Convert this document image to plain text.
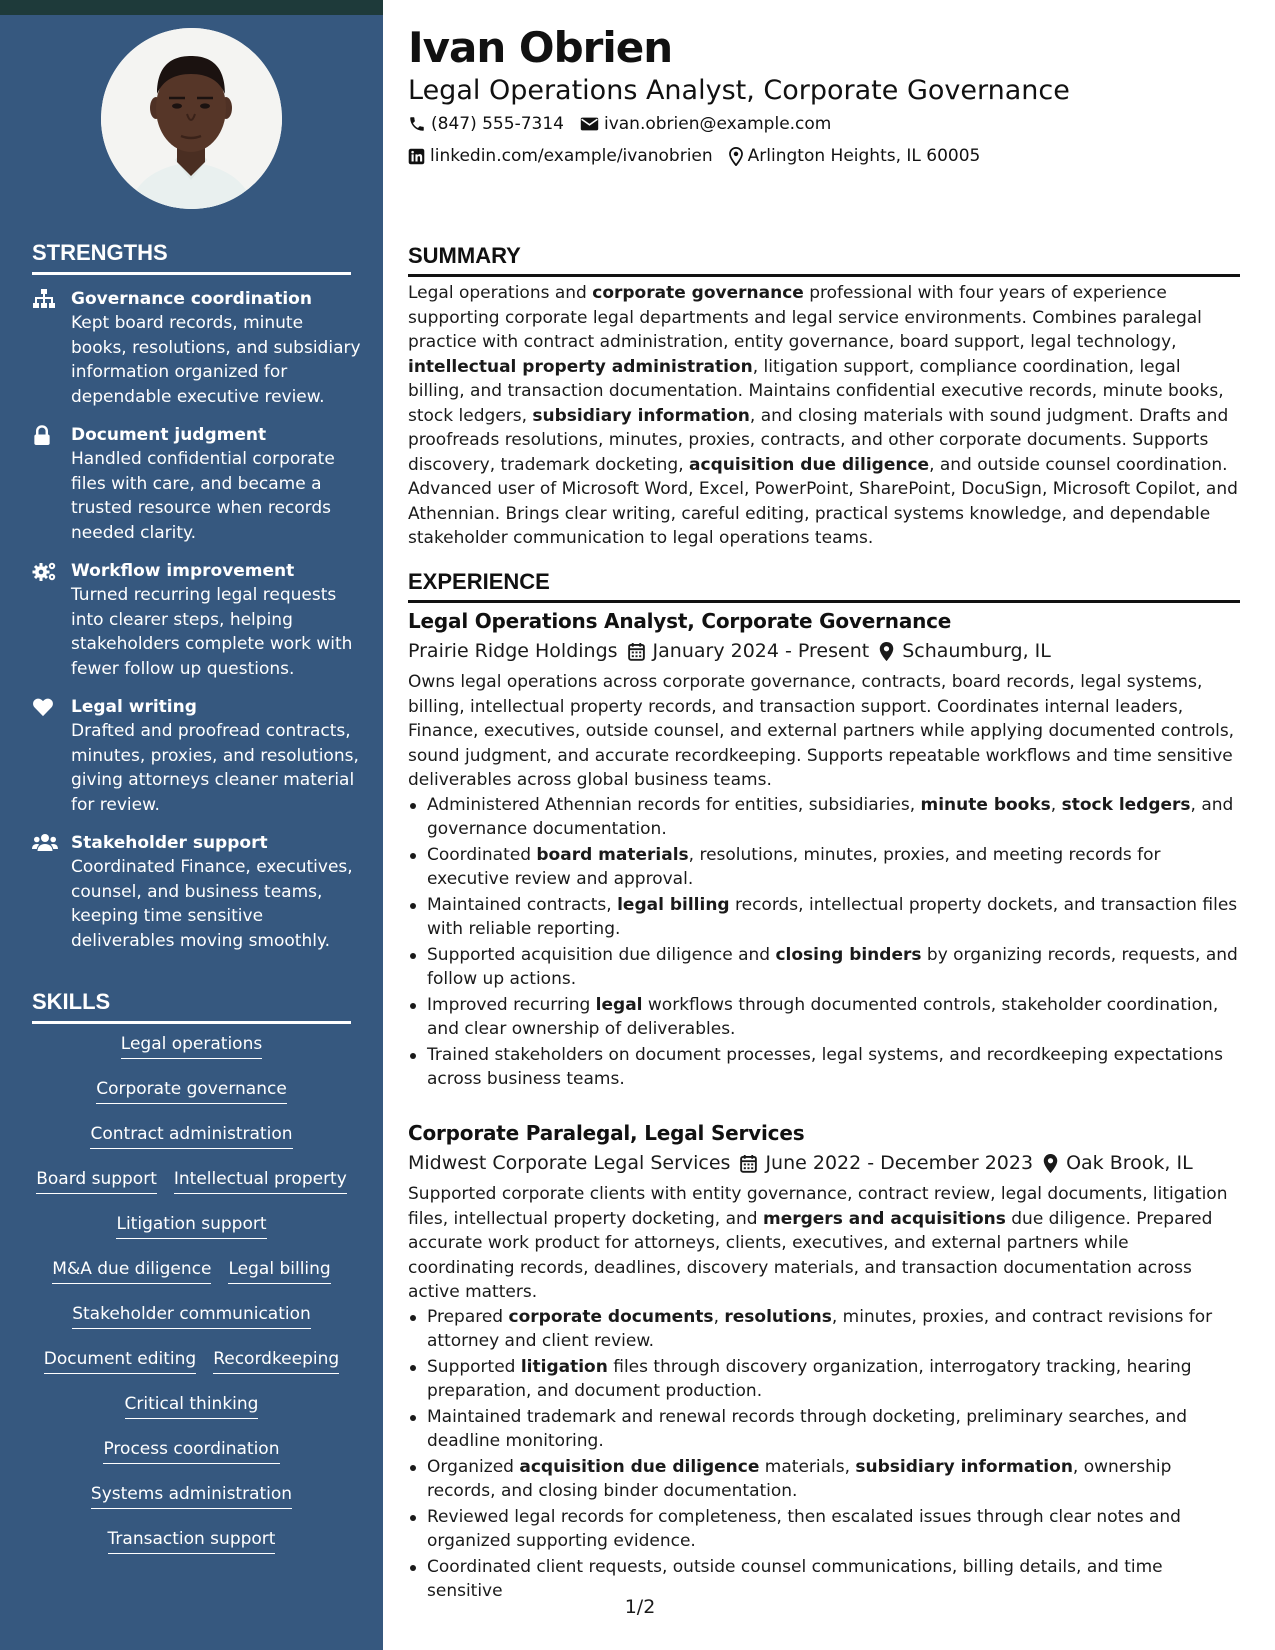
STRENGTHS
Governance coordination
Kept board records, minute books, resolutions, and subsidiary information organized for dependable executive review.
Document judgment
Handled confidential corporate files with care, and became a trusted resource when records needed clarity.
Workflow improvement
Turned recurring legal requests into clearer steps, helping stakeholders complete work with fewer follow up questions.
Legal writing
Drafted and proofread contracts, minutes, proxies, and resolutions, giving attorneys cleaner material for review.
Stakeholder support
Coordinated Finance, executives, counsel, and business teams, keeping time sensitive deliverables moving smoothly.
SKILLS
Legal operations
Corporate governance
Contract administration
Board support Intellectual property
Litigation support
M&A due diligence Legal billing
Stakeholder communication
Document editing Recordkeeping
Critical thinking
Process coordination
Systems administration
Transaction support
Ivan Obrien
Legal Operations Analyst, Corporate Governance
(847) 555-7314 ivan.obrien@example.com
linkedin.com/example/ivanobrien Arlington Heights, IL 60005
SUMMARY
Legal operations and corporate governance professional with four years of experience supporting corporate legal departments and legal service environments. Combines paralegal practice with contract administration, entity governance, board support, legal technology, intellectual property administration, litigation support, compliance coordination, legal billing, and transaction documentation. Maintains confidential executive records, minute books, stock ledgers, subsidiary information, and closing materials with sound judgment. Drafts and proofreads resolutions, minutes, proxies, contracts, and other corporate documents. Supports discovery, trademark docketing, acquisition due diligence, and outside counsel coordination. Advanced user of Microsoft Word, Excel, PowerPoint, SharePoint, DocuSign, Microsoft Copilot, and Athennian. Brings clear writing, careful editing, practical systems knowledge, and dependable stakeholder communication to legal operations teams.
EXPERIENCE
Legal Operations Analyst, Corporate Governance
Prairie Ridge Holdings January 2024 - Present Schaumburg, IL
Owns legal operations across corporate governance, contracts, board records, legal systems, billing, intellectual property records, and transaction support. Coordinates internal leaders, Finance, executives, outside counsel, and external partners while applying documented controls, sound judgment, and accurate recordkeeping. Supports repeatable workflows and time sensitive deliverables across global business teams.
Administered Athennian records for entities, subsidiaries, minute books, stock ledgers, and governance documentation.
Coordinated board materials, resolutions, minutes, proxies, and meeting records for executive review and approval.
Maintained contracts, legal billing records, intellectual property dockets, and transaction files with reliable reporting.
Supported acquisition due diligence and closing binders by organizing records, requests, and follow up actions.
Improved recurring legal workflows through documented controls, stakeholder coordination, and clear ownership of deliverables.
Trained stakeholders on document processes, legal systems, and recordkeeping expectations across business teams.
Corporate Paralegal, Legal Services
Midwest Corporate Legal Services June 2022 - December 2023 Oak Brook, IL
Supported corporate clients with entity governance, contract review, legal documents, litigation files, intellectual property docketing, and mergers and acquisitions due diligence. Prepared accurate work product for attorneys, clients, executives, and external partners while coordinating records, deadlines, discovery materials, and transaction documentation across active matters.
Prepared corporate documents, resolutions, minutes, proxies, and contract revisions for attorney and client review.
Supported litigation files through discovery organization, interrogatory tracking, hearing preparation, and document production.
Maintained trademark and renewal records through docketing, preliminary searches, and deadline monitoring.
Organized acquisition due diligence materials, subsidiary information, ownership records, and closing binder documentation.
Reviewed legal records for completeness, then escalated issues through clear notes and organized supporting evidence.
Coordinated client requests, outside counsel communications, billing details, and time sensitive
1/2
